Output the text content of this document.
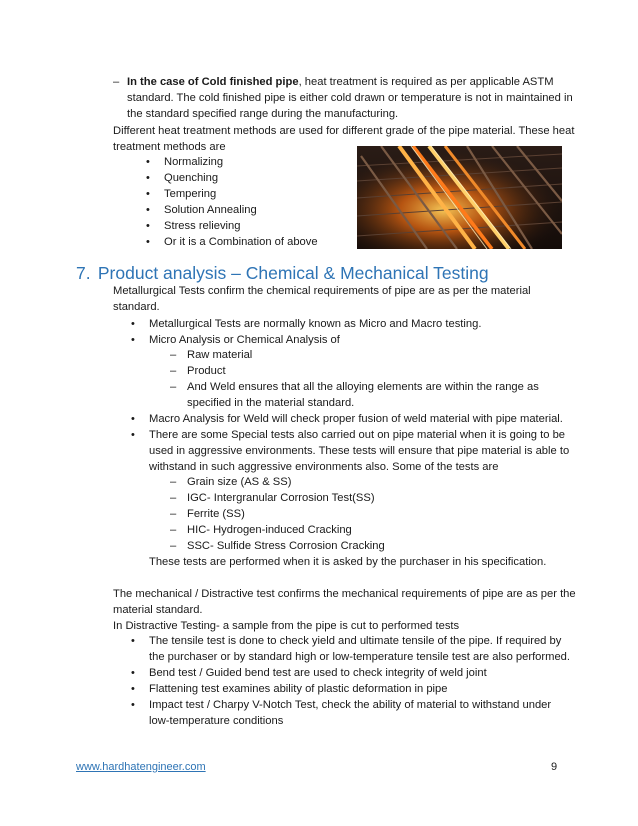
– In the case of Cold finished pipe, heat treatment is required as per applicable ASTM
standard. The cold finished pipe is either cold drawn or temperature is not in maintained in
the standard specified range during the manufacturing.
Different heat treatment methods are used for different grade of the pipe material. These heat
treatment methods are
• Normalizing
• Quenching
• Tempering
• Solution Annealing
• Stress relieving
• Or it is a Combination of above
7. Product analysis – Chemical & Mechanical Testing
Metallurgical Tests confirm the chemical requirements of pipe are as per the material
standard.
• Metallurgical Tests are normally known as Micro and Macro testing.
• Micro Analysis or Chemical Analysis of
– Raw material
– Product
– And Weld ensures that all the alloying elements are within the range as
specified in the material standard.
• Macro Analysis for Weld will check proper fusion of weld material with pipe material.
• There are some Special tests also carried out on pipe material when it is going to be
used in aggressive environments. These tests will ensure that pipe material is able to
withstand in such aggressive environments also. Some of the tests are
– Grain size (AS & SS)
– IGC- Intergranular Corrosion Test(SS)
– Ferrite (SS)
– HIC- Hydrogen-induced Cracking
– SSC- Sulfide Stress Corrosion Cracking
These tests are performed when it is asked by the purchaser in his specification.
The mechanical / Distractive test confirms the mechanical requirements of pipe are as per the
material standard.
In Distractive Testing- a sample from the pipe is cut to performed tests
• The tensile test is done to check yield and ultimate tensile of the pipe. If required by
the purchaser or by standard high or low-temperature tensile test are also performed.
• Bend test / Guided bend test are used to check integrity of weld joint
• Flattening test examines ability of plastic deformation in pipe
• Impact test / Charpy V-Notch Test, check the ability of material to withstand under
low-temperature conditions
www.hardhatengineer.com	9
